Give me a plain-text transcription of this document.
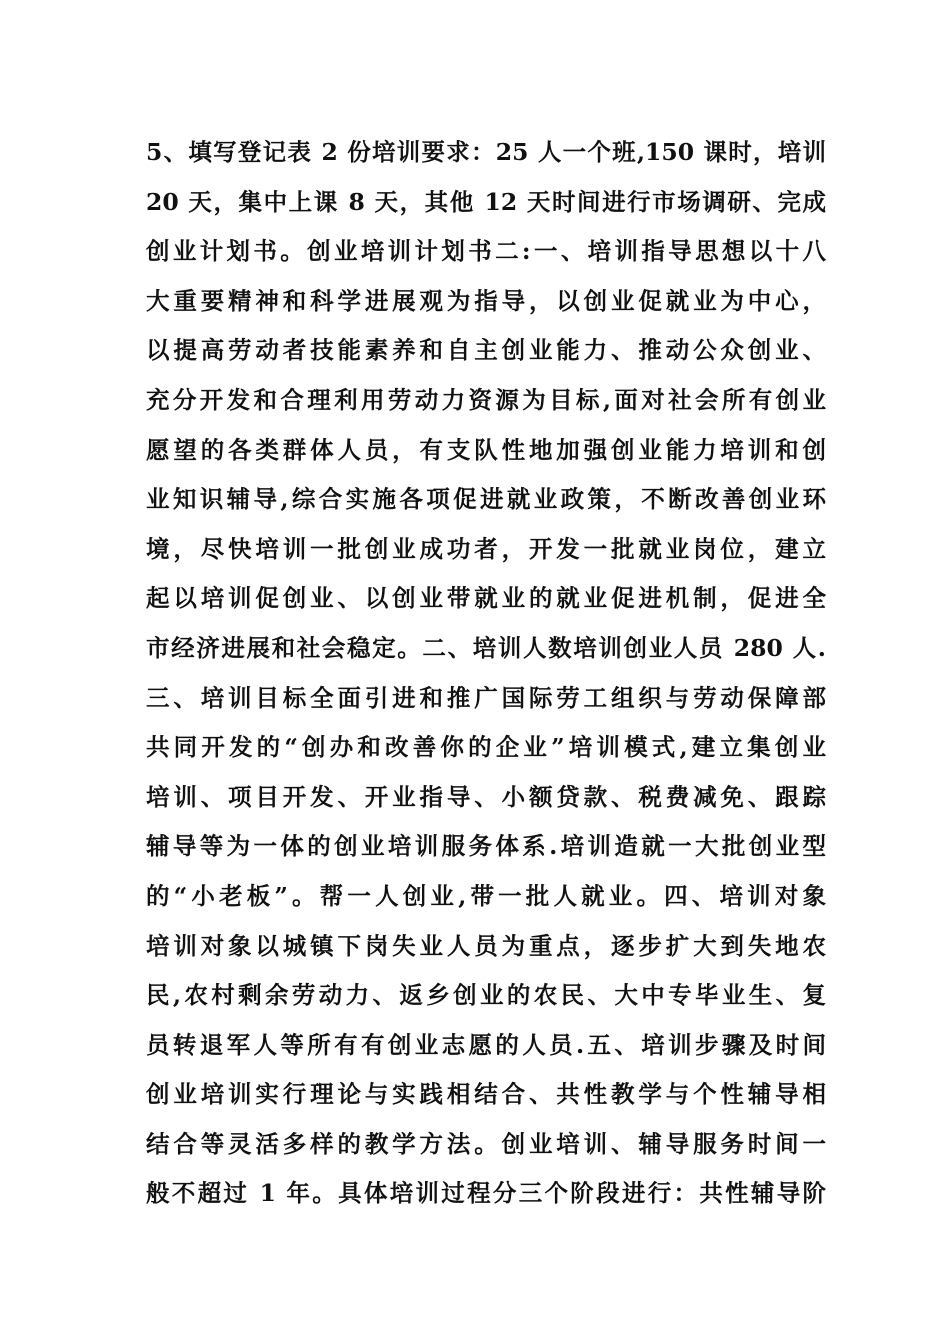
5、填写登记表 2 份培训要求：25 人一个班,150 课时，培训
20 天，集中上课 8 天，其他 12 天时间进行市场调研、完成
创业计划书。创业培训计划书二:一、培训指导思想以十八
大重要精神和科学进展观为指导，以创业促就业为中心，
以提高劳动者技能素养和自主创业能力、推动公众创业、
充分开发和合理利用劳动力资源为目标,面对社会所有创业
愿望的各类群体人员，有支队性地加强创业能力培训和创
业知识辅导,综合实施各项促进就业政策，不断改善创业环
境，尽快培训一批创业成功者，开发一批就业岗位，建立
起以培训促创业、以创业带就业的就业促进机制，促进全
市经济进展和社会稳定。二、培训人数培训创业人员 280 人.
三、培训目标全面引进和推广国际劳工组织与劳动保障部
共同开发的“创办和改善你的企业”培训模式,建立集创业
培训、项目开发、开业指导、小额贷款、税费减免、跟踪
辅导等为一体的创业培训服务体系.培训造就一大批创业型
的“小老板”。帮一人创业,带一批人就业。四、培训对象
培训对象以城镇下岗失业人员为重点，逐步扩大到失地农
民,农村剩余劳动力、返乡创业的农民、大中专毕业生、复
员转退军人等所有有创业志愿的人员.五、培训步骤及时间
创业培训实行理论与实践相结合、共性教学与个性辅导相
结合等灵活多样的教学方法。创业培训、辅导服务时间一
般不超过 1 年。具体培训过程分三个阶段进行：共性辅导阶
